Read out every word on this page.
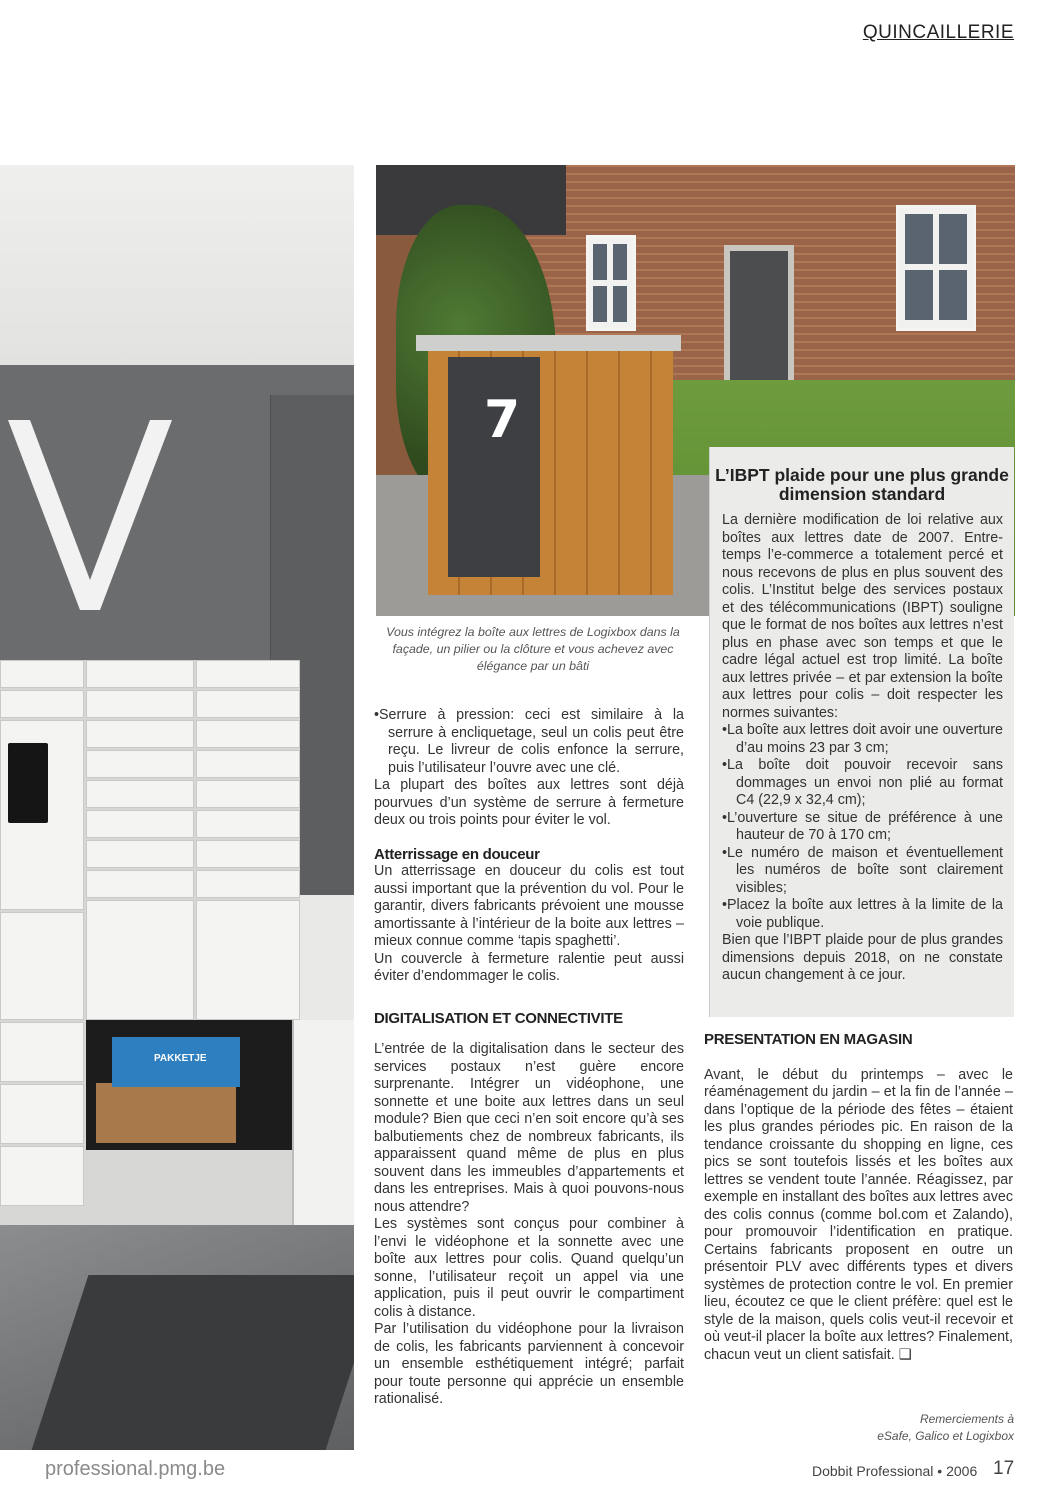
QUINCAILLERIE
PAKKETJE
7
Vous intégrez la boîte aux lettres de Logixbox dans la façade, un pilier ou la clôture et vous achevez avec élégance par un bâti

•Serrure à pression: ceci est similaire à la serrure à encliquetage, seul un colis peut être reçu. Le livreur de colis enfonce la serrure, puis l’utilisateur l’ouvre avec une clé.

La plupart des boîtes aux lettres sont déjà pourvues d’un système de serrure à fermeture deux ou trois points pour éviter le vol.

Atterrissage en douceur

Un atterrissage en douceur du colis est tout aussi important que la prévention du vol. Pour le garantir, divers fabricants prévoient une mousse amortissante à l’intérieur de la boite aux lettres – mieux connue comme ‘tapis spaghetti’.

Un couvercle à fermeture ralentie peut aussi éviter d’endommager le colis.

DIGITALISATION ET CONNECTIVITE

L’entrée de la digitalisation dans le secteur des services postaux n’est guère encore surprenante. Intégrer un vidéophone, une sonnette et une boite aux lettres dans un seul module? Bien que ceci n’en soit encore qu’à ses balbutiements chez de nombreux fabricants, ils apparaissent quand même de plus en plus souvent dans les immeubles d’appartements et dans les entreprises. Mais à quoi pouvons-nous nous attendre?

Les systèmes sont conçus pour combiner à l’envi le vidéophone et la sonnette avec une boîte aux lettres pour colis. Quand quelqu’un sonne, l’utilisateur reçoit un appel via une application, puis il peut ouvrir le compartiment colis à distance.

Par l’utilisation du vidéophone pour la livraison de colis, les fabricants parviennent à concevoir un ensemble esthétiquement intégré; parfait pour toute personne qui apprécie un ensemble rationalisé.

L’IBPT plaide pour une plus grande dimension standard

La dernière modification de loi relative aux boîtes aux lettres date de 2007. Entre-temps l’e-commerce a totalement percé et nous recevons de plus en plus souvent des colis. L’Institut belge des services postaux et des télécommunications (IBPT) souligne que le format de nos boîtes aux lettres n’est plus en phase avec son temps et que le cadre légal actuel est trop limité. La boîte aux lettres privée – et par extension la boîte aux lettres pour colis – doit respecter les normes suivantes:

•La boîte aux lettres doit avoir une ouverture d’au moins 23 par 3 cm;

•La boîte doit pouvoir recevoir sans dommages un envoi non plié au format C4 (22,9 x 32,4 cm);

•L’ouverture se situe de préférence à une hauteur de 70 à 170 cm;

•Le numéro de maison et éventuellement les numéros de boîte sont clairement visibles;

•Placez la boîte aux lettres à la limite de la voie publique.

Bien que l’IBPT plaide pour de plus grandes dimensions depuis 2018, on ne constate aucun changement à ce jour.

PRESENTATION EN MAGASIN

Avant, le début du printemps – avec le réaménagement du jardin – et la fin de l’année – dans l’optique de la période des fêtes – étaient les plus grandes périodes pic. En raison de la tendance croissante du shopping en ligne, ces pics se sont toutefois lissés et les boîtes aux lettres se vendent toute l’année. Réagissez, par exemple en installant des boîtes aux lettres avec des colis connus (comme bol.com et Zalando), pour promouvoir l’identification en pratique. Certains fabricants proposent en outre un présentoir PLV avec différents types et divers systèmes de protection contre le vol. En premier lieu, écoutez ce que le client préfère: quel est le style de la maison, quels colis veut-il recevoir et où veut-il placer la boîte aux lettres? Finalement, chacun veut un client satisfait. ❑

Remerciements à
eSafe, Galico et Logixbox
professional.pmg.be	Dobbit Professional • 2006 17
